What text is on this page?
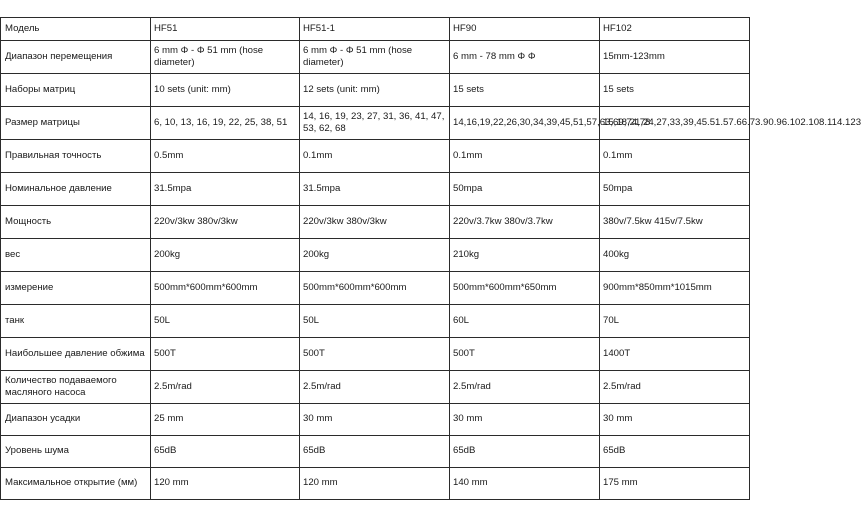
Модель	HF51	HF51-1	HF90	HF102
Диапазон перемещения	6 mm Φ - Φ 51 mm (hose diameter)	6 mm Φ - Φ 51 mm (hose diameter)	6 mm - 78 mm Φ Φ	15mm-123mm
Наборы матриц	10 sets (unit: mm)	12 sets (unit: mm)	15 sets	15 sets
Размер матрицы	6, 10, 13, 16, 19, 22, 25, 38, 51	14, 16, 19, 23, 27, 31, 36, 41, 47, 53, 62, 68	14,16,19,22,26,30,34,39,45,51,57,63,69,74,78	15,18,21,24,27,33,39,45.51.57.66.73.90.96.102.108.114.123
Правильная точность	0.5mm	0.1mm	0.1mm	0.1mm
Номинальное давление	31.5mpa	31.5mpa	50mpa	50mpa
Мощность	220v/3kw 380v/3kw	220v/3kw 380v/3kw	220v/3.7kw 380v/3.7kw	380v/7.5kw 415v/7.5kw
вес	200kg	200kg	210kg	400kg
измерение	500mm*600mm*600mm	500mm*600mm*600mm	500mm*600mm*650mm	900mm*850mm*1015mm
танк	50L	50L	60L	70L
Наибольшее давление обжима	500T	500T	500T	1400T
Количество подаваемого масляного насоса	2.5m/rad	2.5m/rad	2.5m/rad	2.5m/rad
Диапазон усадки	25 mm	30 mm	30 mm	30 mm
Уровень шума	65dB	65dB	65dB	65dB
Максимальное открытие (мм)	120 mm	120 mm	140 mm	175 mm
